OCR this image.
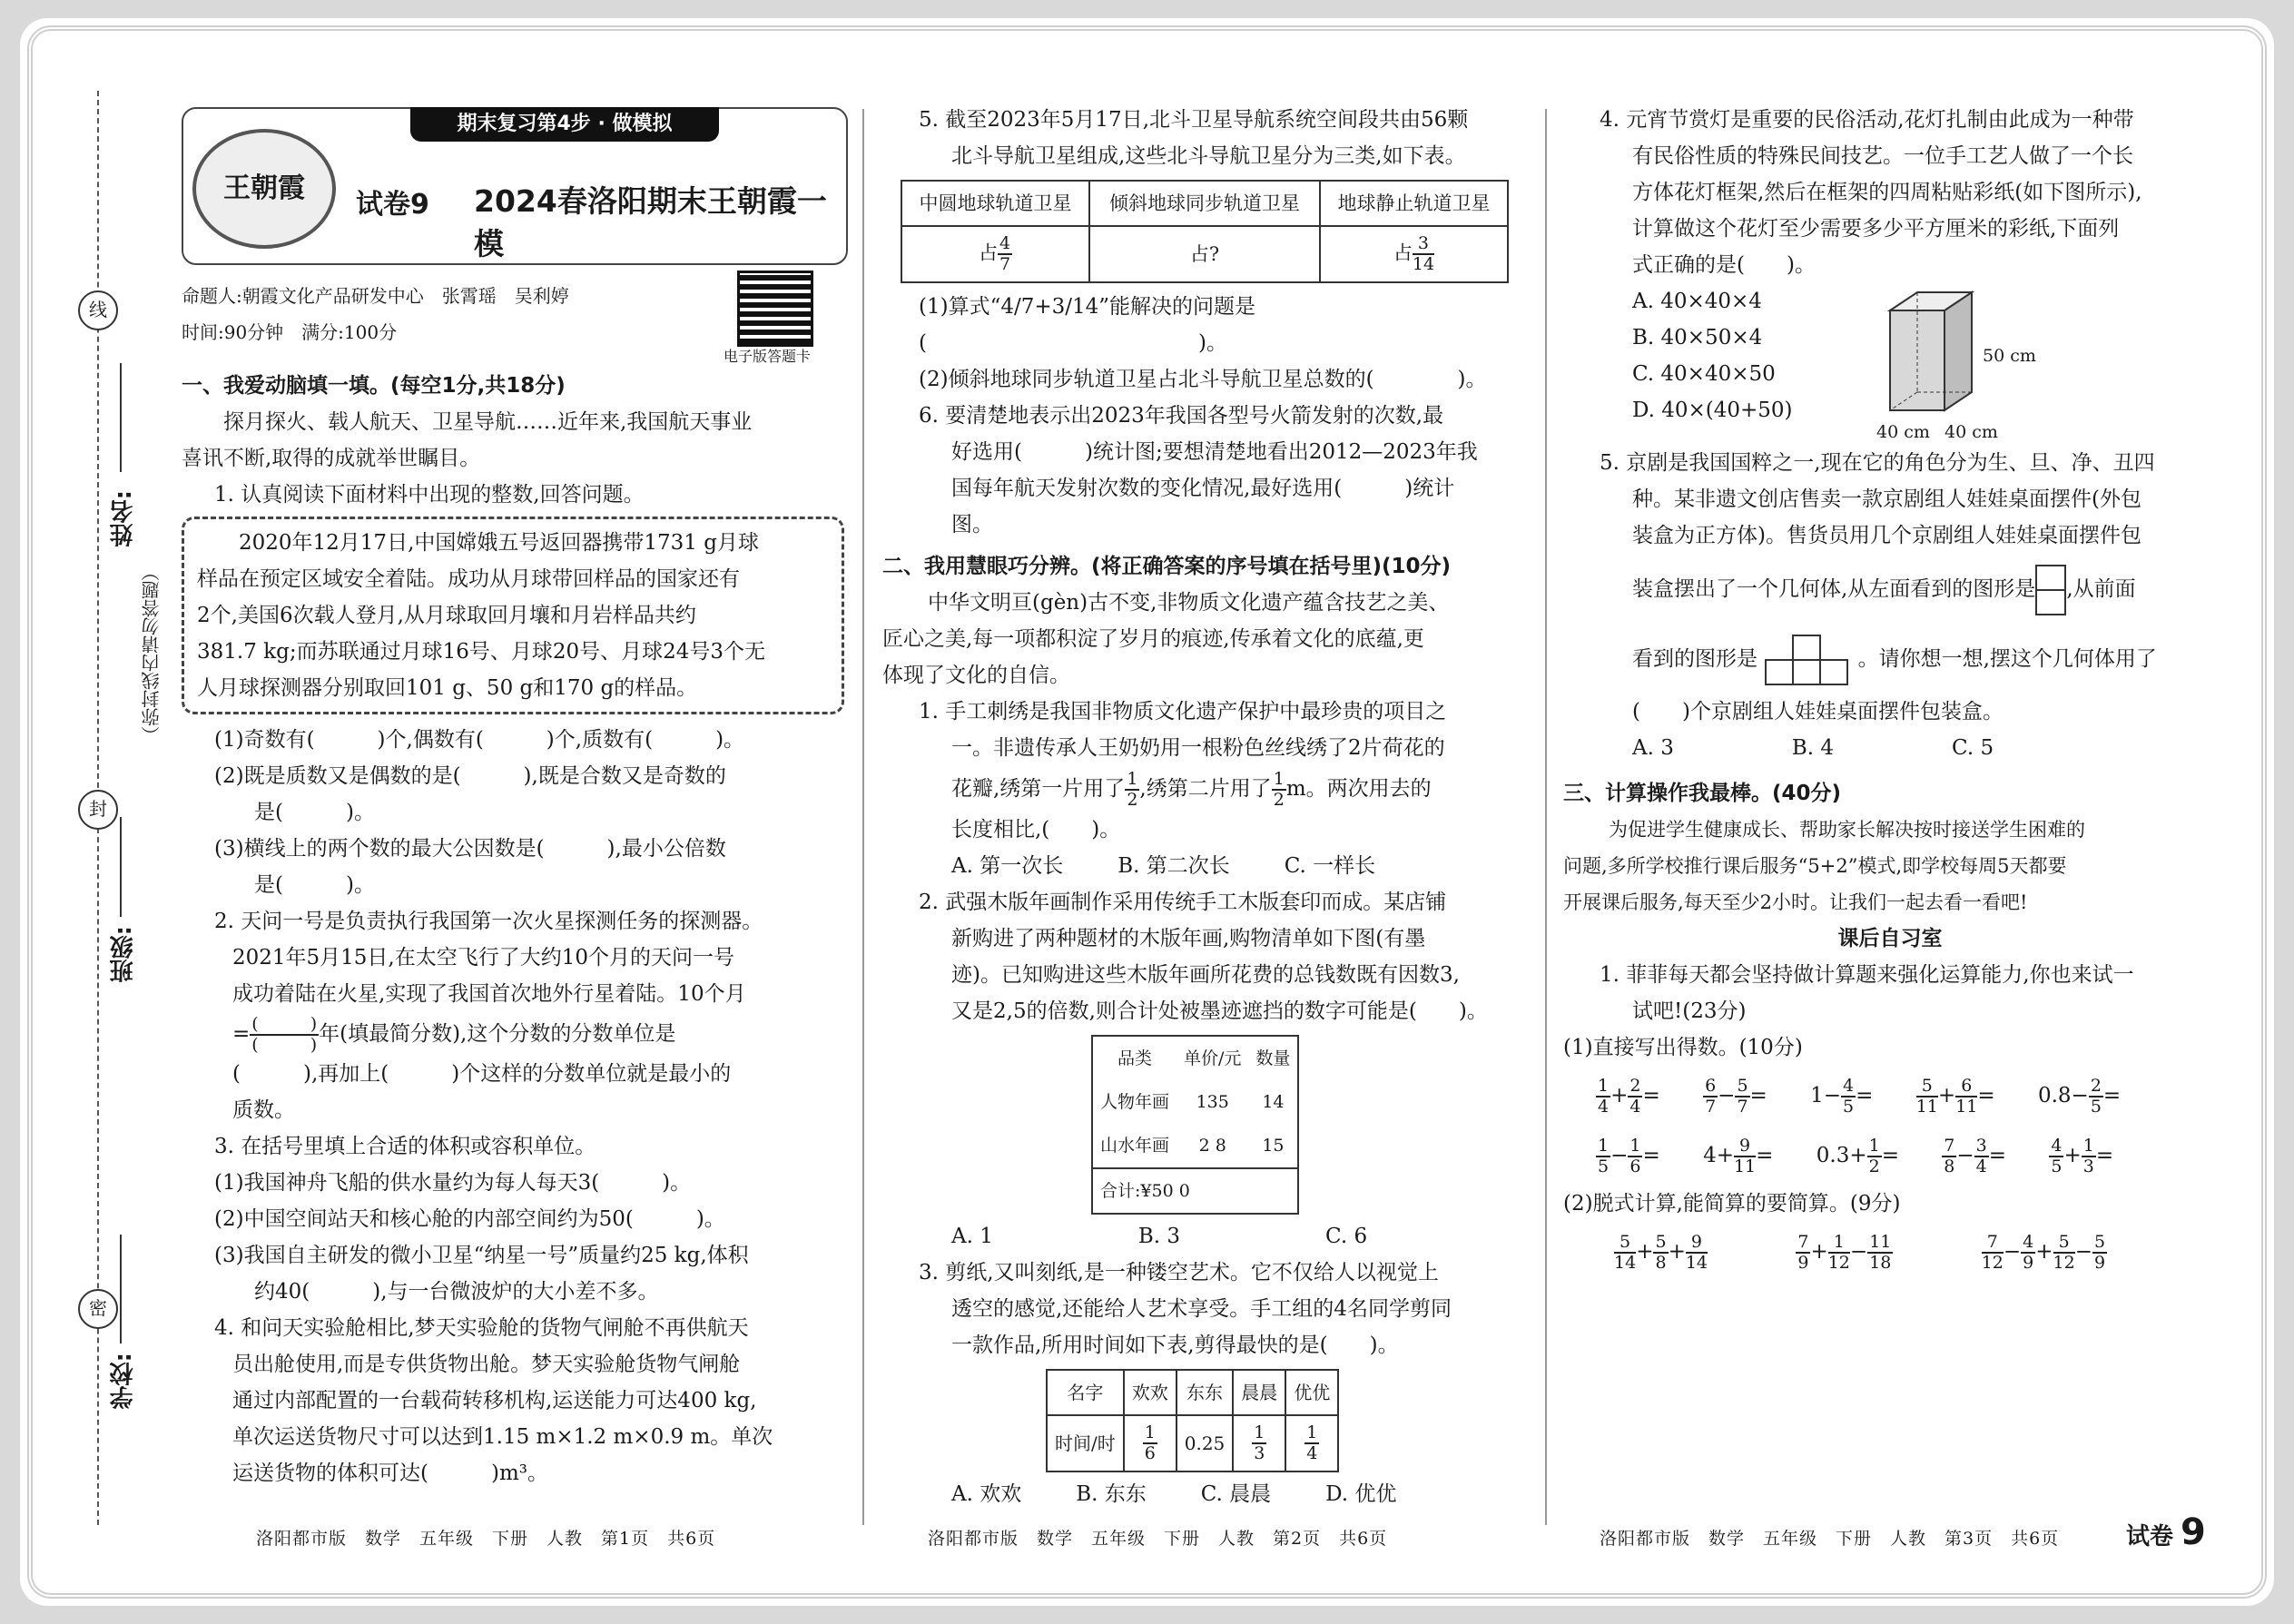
线
封
密
姓名:
班级:
学校:
（弥封线内请勿答题）
王朝霞
期末复习第4步 · 做模拟
试卷9 2024春洛阳期末王朝霞一模
命题人:朝霞文化产品研发中心　张霄瑶　吴利婷
时间:90分钟　满分:100分
电子版答题卡
一、我爱动脑填一填。(每空1分,共18分)
探月探火、载人航天、卫星导航……近年来,我国航天事业
喜讯不断,取得的成就举世瞩目。
1. 认真阅读下面材料中出现的整数,回答问题。
2020年12月17日,中国嫦娥五号返回器携带1731 g月球
样品在预定区域安全着陆。成功从月球带回样品的国家还有
2个,美国6次载人登月,从月球取回月壤和月岩样品共约
381.7 kg;而苏联通过月球16号、月球20号、月球24号3个无
人月球探测器分别取回101 g、50 g和170 g的样品。
(1)奇数有(　　　)个,偶数有(　　　)个,质数有(　　　)。
(2)既是质数又是偶数的是(　　　),既是合数又是奇数的
是(　　　)。
(3)横线上的两个数的最大公因数是(　　　),最小公倍数
是(　　　)。
2. 天问一号是负责执行我国第一次火星探测任务的探测器。
2021年5月15日,在太空飞行了大约10个月的天问一号
成功着陆在火星,实现了我国首次地外行星着陆。10个月
= $\frac{( )}{( )}$ 年(填最简分数),这个分数的分数单位是
(　　　),再加上(　　　)个这样的分数单位就是最小的
质数。
3. 在括号里填上合适的体积或容积单位。
(1)我国神舟飞船的供水量约为每人每天3(　　　)。
(2)中国空间站天和核心舱的内部空间约为50(　　　)。
(3)我国自主研发的微小卫星“纳星一号”质量约25 kg,体积
约40(　　　),与一台微波炉的大小差不多。
4. 和问天实验舱相比,梦天实验舱的货物气闸舱不再供航天
员出舱使用,而是专供货物出舱。梦天实验舱货物气闸舱
通过内部配置的一台载荷转移机构,运送能力可达400 kg,
单次运送货物尺寸可以达到1.15 m×1.2 m×0.9 m。单次
运送货物的体积可达(　　　)m³。
5. 截至2023年5月17日,北斗卫星导航系统空间段共由56颗
北斗导航卫星组成,这些北斗导航卫星分为三类,如下表。
中圆地球轨道卫星	倾斜地球同步轨道卫星	地球静止轨道卫星
占 $\frac{4}{7}$	占?	占 $\frac{3}{14}$
(1)算式“4/7+3/14”能解决的问题是(　　　　　　　　　　　　　)。
(2)倾斜地球同步轨道卫星占北斗导航卫星总数的(　　　　)。
6. 要清楚地表示出2023年我国各型号火箭发射的次数,最
好选用(　　　)统计图;要想清楚地看出2012—2023年我
国每年航天发射次数的变化情况,最好选用(　　　)统计
图。
二、我用慧眼巧分辨。(将正确答案的序号填在括号里)(10分)
中华文明亘(gèn)古不变,非物质文化遗产蕴含技艺之美、
匠心之美,每一项都积淀了岁月的痕迹,传承着文化的底蕴,更
体现了文化的自信。
1. 手工刺绣是我国非物质文化遗产保护中最珍贵的项目之
一。非遗传承人王奶奶用一根粉色丝线绣了2片荷花的
花瓣,绣第一片用了 $\frac{1}{2}$ ,绣第二片用了 $\frac{1}{2}$ m。两次用去的
长度相比,(　　)。
A. 第一次长	B. 第二次长	C. 一样长
2. 武强木版年画制作采用传统手工木版套印而成。某店铺
新购进了两种题材的木版年画,购物清单如下图(有墨
迹)。已知购进这些木版年画所花费的总钱数既有因数3,
又是2,5的倍数,则合计处被墨迹遮挡的数字可能是(　　)。
品类	单价/元	数量
人物年画	135	14
山水年画	2 8	15
合计:¥50 0		
A. 1	B. 3	C. 6
3. 剪纸,又叫刻纸,是一种镂空艺术。它不仅给人以视觉上
透空的感觉,还能给人艺术享受。手工组的4名同学剪同
一款作品,所用时间如下表,剪得最快的是(　　)。
名字	欢欢	东东	晨晨	优优
时间/时	$\frac{1}{6}$	0.25	$\frac{1}{3}$	$\frac{1}{4}$
A. 欢欢	B. 东东	C. 晨晨	D. 优优
4. 元宵节赏灯是重要的民俗活动,花灯扎制由此成为一种带
有民俗性质的特殊民间技艺。一位手工艺人做了一个长
方体花灯框架,然后在框架的四周粘贴彩纸(如下图所示),
计算做这个花灯至少需要多少平方厘米的彩纸,下面列
式正确的是(　　)。
A. 40×40×4
B. 40×50×4
C. 40×40×50
D. 40×(40+50)
50 cm
40 cm 40 cm
5. 京剧是我国国粹之一,现在它的角色分为生、旦、净、丑四
种。某非遗文创店售卖一款京剧组人娃娃桌面摆件(外包
装盒为正方体)。售货员用几个京剧组人娃娃桌面摆件包
装盒摆出了一个几何体,从左面看到的图形是 ,从前面
看到的图形是	。请你想一想,摆这个几何体用了
(　　)个京剧组人娃娃桌面摆件包装盒。
A. 3	B. 4	C. 5
三、计算操作我最棒。(40分)
为促进学生健康成长、帮助家长解决按时接送学生困难的
问题,多所学校推行课后服务“5+2”模式,即学校每周5天都要
开展课后服务,每天至少2小时。让我们一起去看一看吧!
课后自习室
1. 菲菲每天都会坚持做计算题来强化运算能力,你也来试一
试吧!(23分)
(1)直接写出得数。(10分)
$\frac{1}{4} + \frac{2}{4} = \frac{6}{7} - \frac{5}{7} = 1- \frac{4}{5} = \frac{5}{11} + \frac{6}{11} = 0.8- \frac{2}{5}$ =
$\frac{1}{5} - \frac{1}{6} = 4+ \frac{9}{11} = 0.3+ \frac{1}{2} = \frac{7}{8} - \frac{3}{4} = \frac{4}{5} + \frac{1}{3}$ =
(2)脱式计算,能简算的要简算。(9分)
$\frac{5}{14} + \frac{5}{8} + \frac{9}{14}$
	$\frac{7}{9} + \frac{1}{12} - \frac{11}{18}$
	$\frac{7}{12} - \frac{4}{9} + \frac{5}{12} - \frac{5}{9}$
洛阳都市版　数学　五年级　下册　人教　第1页　共6页	洛阳都市版　数学　五年级　下册　人教　第2页　共6页	洛阳都市版　数学　五年级　下册　人教　第3页　共6页	试卷 9
